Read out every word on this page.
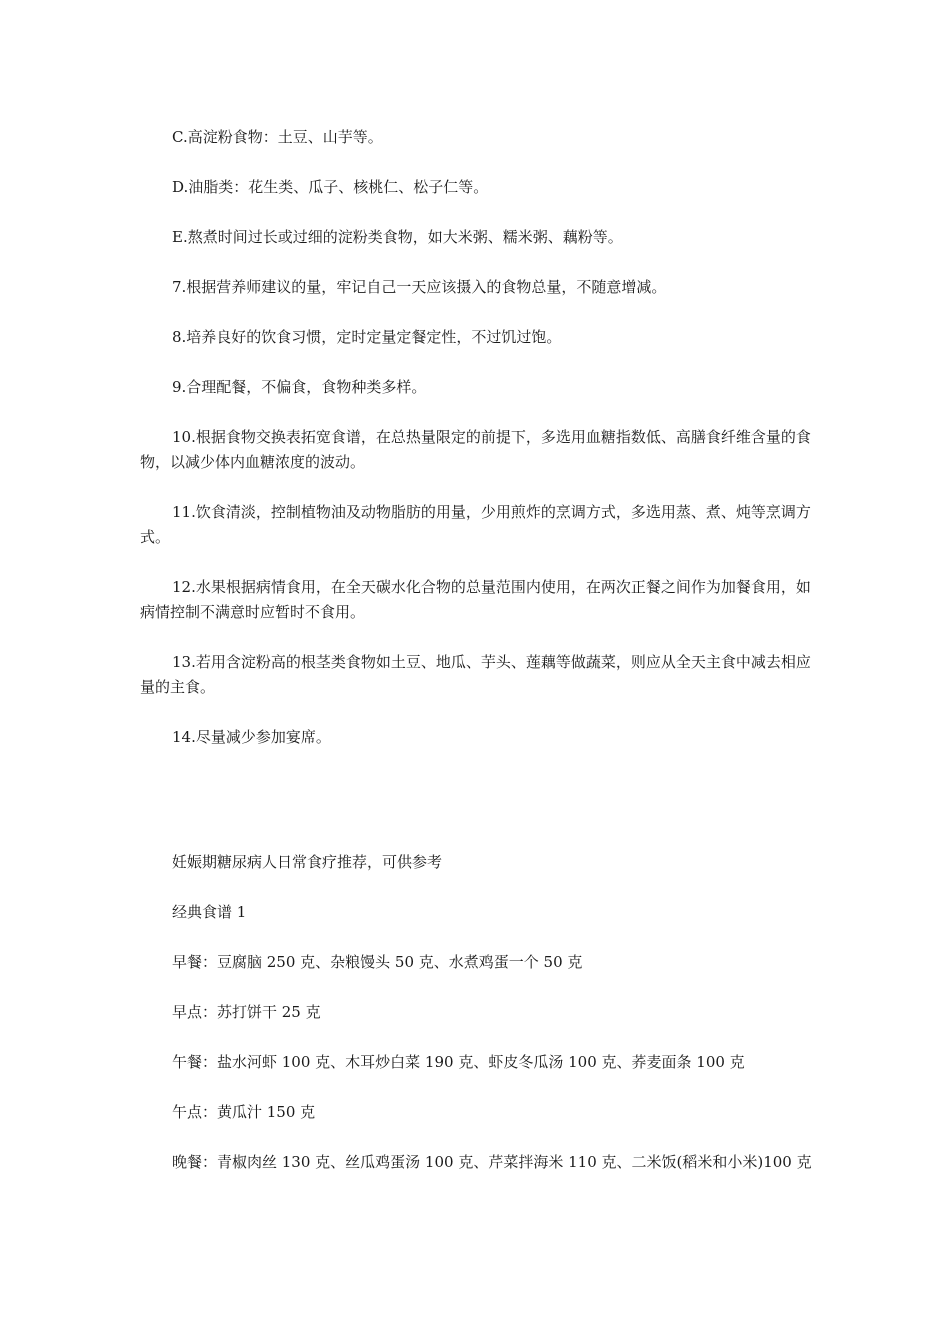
C.高淀粉食物：土豆、山芋等。

D.油脂类：花生类、瓜子、核桃仁、松子仁等。

E.熬煮时间过长或过细的淀粉类食物，如大米粥、糯米粥、藕粉等。

7.根据营养师建议的量，牢记自己一天应该摄入的食物总量，不随意增减。

8.培养良好的饮食习惯，定时定量定餐定性，不过饥过饱。

9.合理配餐，不偏食，食物种类多样。

10.根据食物交换表拓宽食谱，在总热量限定的前提下，多选用血糖指数低、高膳食纤维含量的食物，以减少体内血糖浓度的波动。

11.饮食清淡，控制植物油及动物脂肪的用量，少用煎炸的烹调方式，多选用蒸、煮、炖等烹调方式。

12.水果根据病情食用，在全天碳水化合物的总量范围内使用，在两次正餐之间作为加餐食用，如病情控制不满意时应暂时不食用。

13.若用含淀粉高的根茎类食物如土豆、地瓜、芋头、莲藕等做蔬菜，则应从全天主食中减去相应量的主食。

14.尽量减少参加宴席。

妊娠期糖尿病人日常食疗推荐，可供参考

经典食谱 1

早餐：豆腐脑 250 克、杂粮馒头 50 克、水煮鸡蛋一个 50 克

早点：苏打饼干 25 克

午餐：盐水河虾 100 克、木耳炒白菜 190 克、虾皮冬瓜汤 100 克、荞麦面条 100 克

午点：黄瓜汁 150 克

晚餐：青椒肉丝 130 克、丝瓜鸡蛋汤 100 克、芹菜拌海米 110 克、二米饭(稻米和小米)100 克
